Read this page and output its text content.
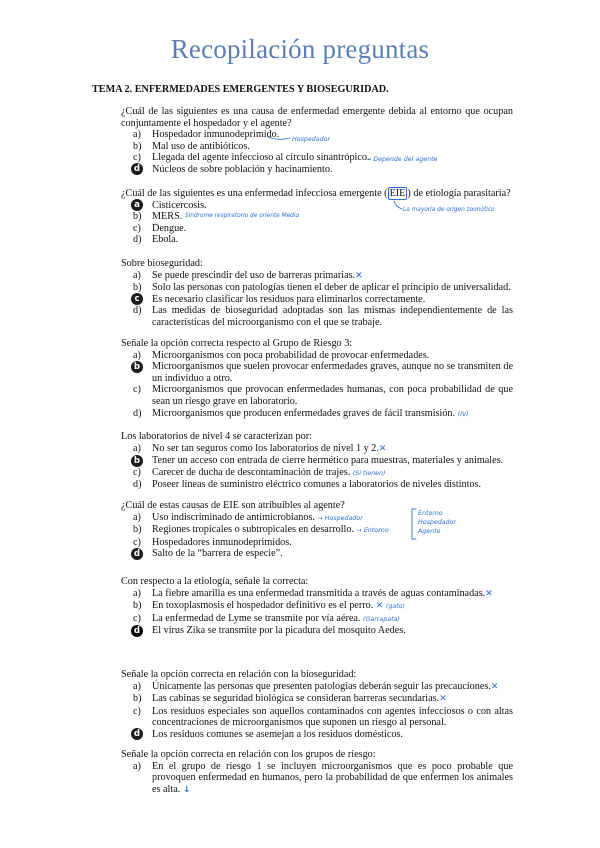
Recopilación preguntas
TEMA 2. ENFERMEDADES EMERGENTES Y BIOSEGURIDAD.
¿Cuál de las siguientes es una causa de enfermedad emergente debida al entorno que ocupan conjuntamente el hospedador y el agente?
a)	Hospedador inmunodeprimido.
b)	Mal uso de antibióticos.
c)	Llegada del agente infeccioso al círculo sinantrópico.
d Núcleos de sobre población y hacinamiento.
Hospedador
→ Depende del agente
¿Cuál de las siguientes es una enfermedad infecciosa emergente ( EIE ) de etiología parasitaria?
a	Cisticercosis.
b)	MERS.
c)	Dengue.
d)	Ebola.
La mayoría de origen zoonótico
Síndrome respiratorio de oriente Medio
Sobre bioseguridad:
a)	Se puede prescindir del uso de barreras primarias.✕
b)	Solo las personas con patologías tienen el deber de aplicar el principio de universalidad.
c	Es necesario clasificar los residuos para eliminarlos correctamente.
d)	Las medidas de bioseguridad adoptadas son las mismas independientemente de las características del microorganismo con el que se trabaje.
Señale la opción correcta respecto al Grupo de Riesgo 3:
a)	Microorganismos con poca probabilidad de provocar enfermedades.
b Microorganismos que suelen provocar enfermedades graves, aunque no se transmiten de un individuo a otro.
c)	Microorganismos que provocan enfermedades humanas, con poca probabilidad de que sean un riesgo grave en laboratorio.
d)	Microorganismos que producen enfermedades graves de fácil transmisión. (IV)
Los laboratorios de nivel 4 se caracterizan por:
a)	No ser tan seguros como los laboratorios de nivel 1 y 2.✕
b Tener un acceso con entrada de cierre hermético para muestras, materiales y animales.
c)	Carecer de ducha de descontaminación de trajes. (Sí tienen)
d)	Poseer líneas de suministro eléctrico comunes a laboratorios de niveles distintos.
¿Cuál de estas causas de EIE son atribuibles al agente?
a)	Uso indiscriminado de antimicrobianos. → Hospedador
b)	Regiones tropicales o subtropicales en desarrollo. → Entorno
c)	Hospedadores inmunodeprimidos.
d Salto de la “barrera de especie”.
Entorno
Hospedador
Agente
Con respecto a la etiología, señale la correcta:
a)	La fiebre amarilla es una enfermedad transmitida a través de aguas contaminadas.✕
b)	En toxoplasmosis el hospedador definitivo es el perro. ✕ (gato)
c)	La enfermedad de Lyme se transmite por vía aérea. (Garrapata)
d El virus Zika se transmite por la picadura del mosquito Aedes.
Señale la opción correcta en relación con la bioseguridad:
a)	Únicamente las personas que presenten patologías deberán seguir las precauciones.✕
b)	Las cabinas se seguridad biológica se consideran barreras secundarias.✕
c)	Los residuos especiales son aquellos contaminados con agentes infecciosos o con altas concentraciones de microorganismos que suponen un riesgo al personal.
d Los residuos comunes se asemejan a los residuos domésticos.
Señale la opción correcta en relación con los grupos de riesgo:
a)	En el grupo de riesgo 1 se incluyen microorganismos que es poco probable que provoquen enfermedad en humanos, pero la probabilidad de que enfermen los animales es alta. ↓
